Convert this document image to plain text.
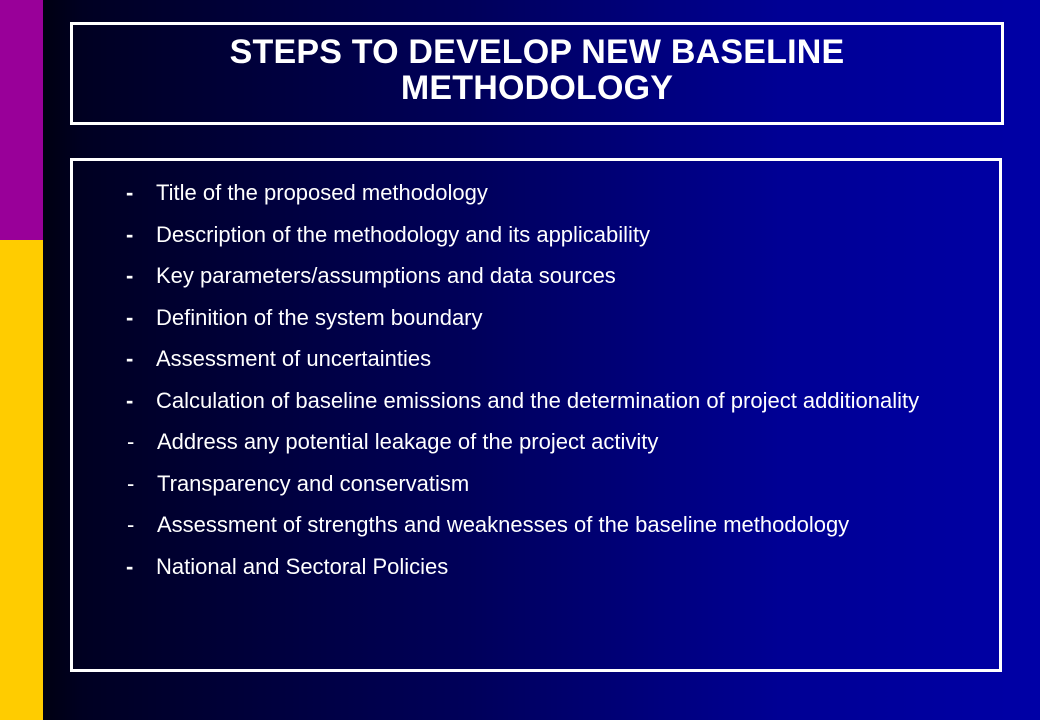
STEPS TO DEVELOP NEW BASELINE
METHODOLOGY
-	Title of the proposed methodology
-	Description of the methodology and its applicability
-	Key parameters/assumptions and data sources
-	Definition of the system boundary
-	Assessment of uncertainties
-	Calculation of baseline emissions and the determination of project additionality
-	Address any potential leakage of the project activity
-	Transparency and conservatism
-	Assessment of strengths and weaknesses of the baseline methodology
-	National and Sectoral Policies
